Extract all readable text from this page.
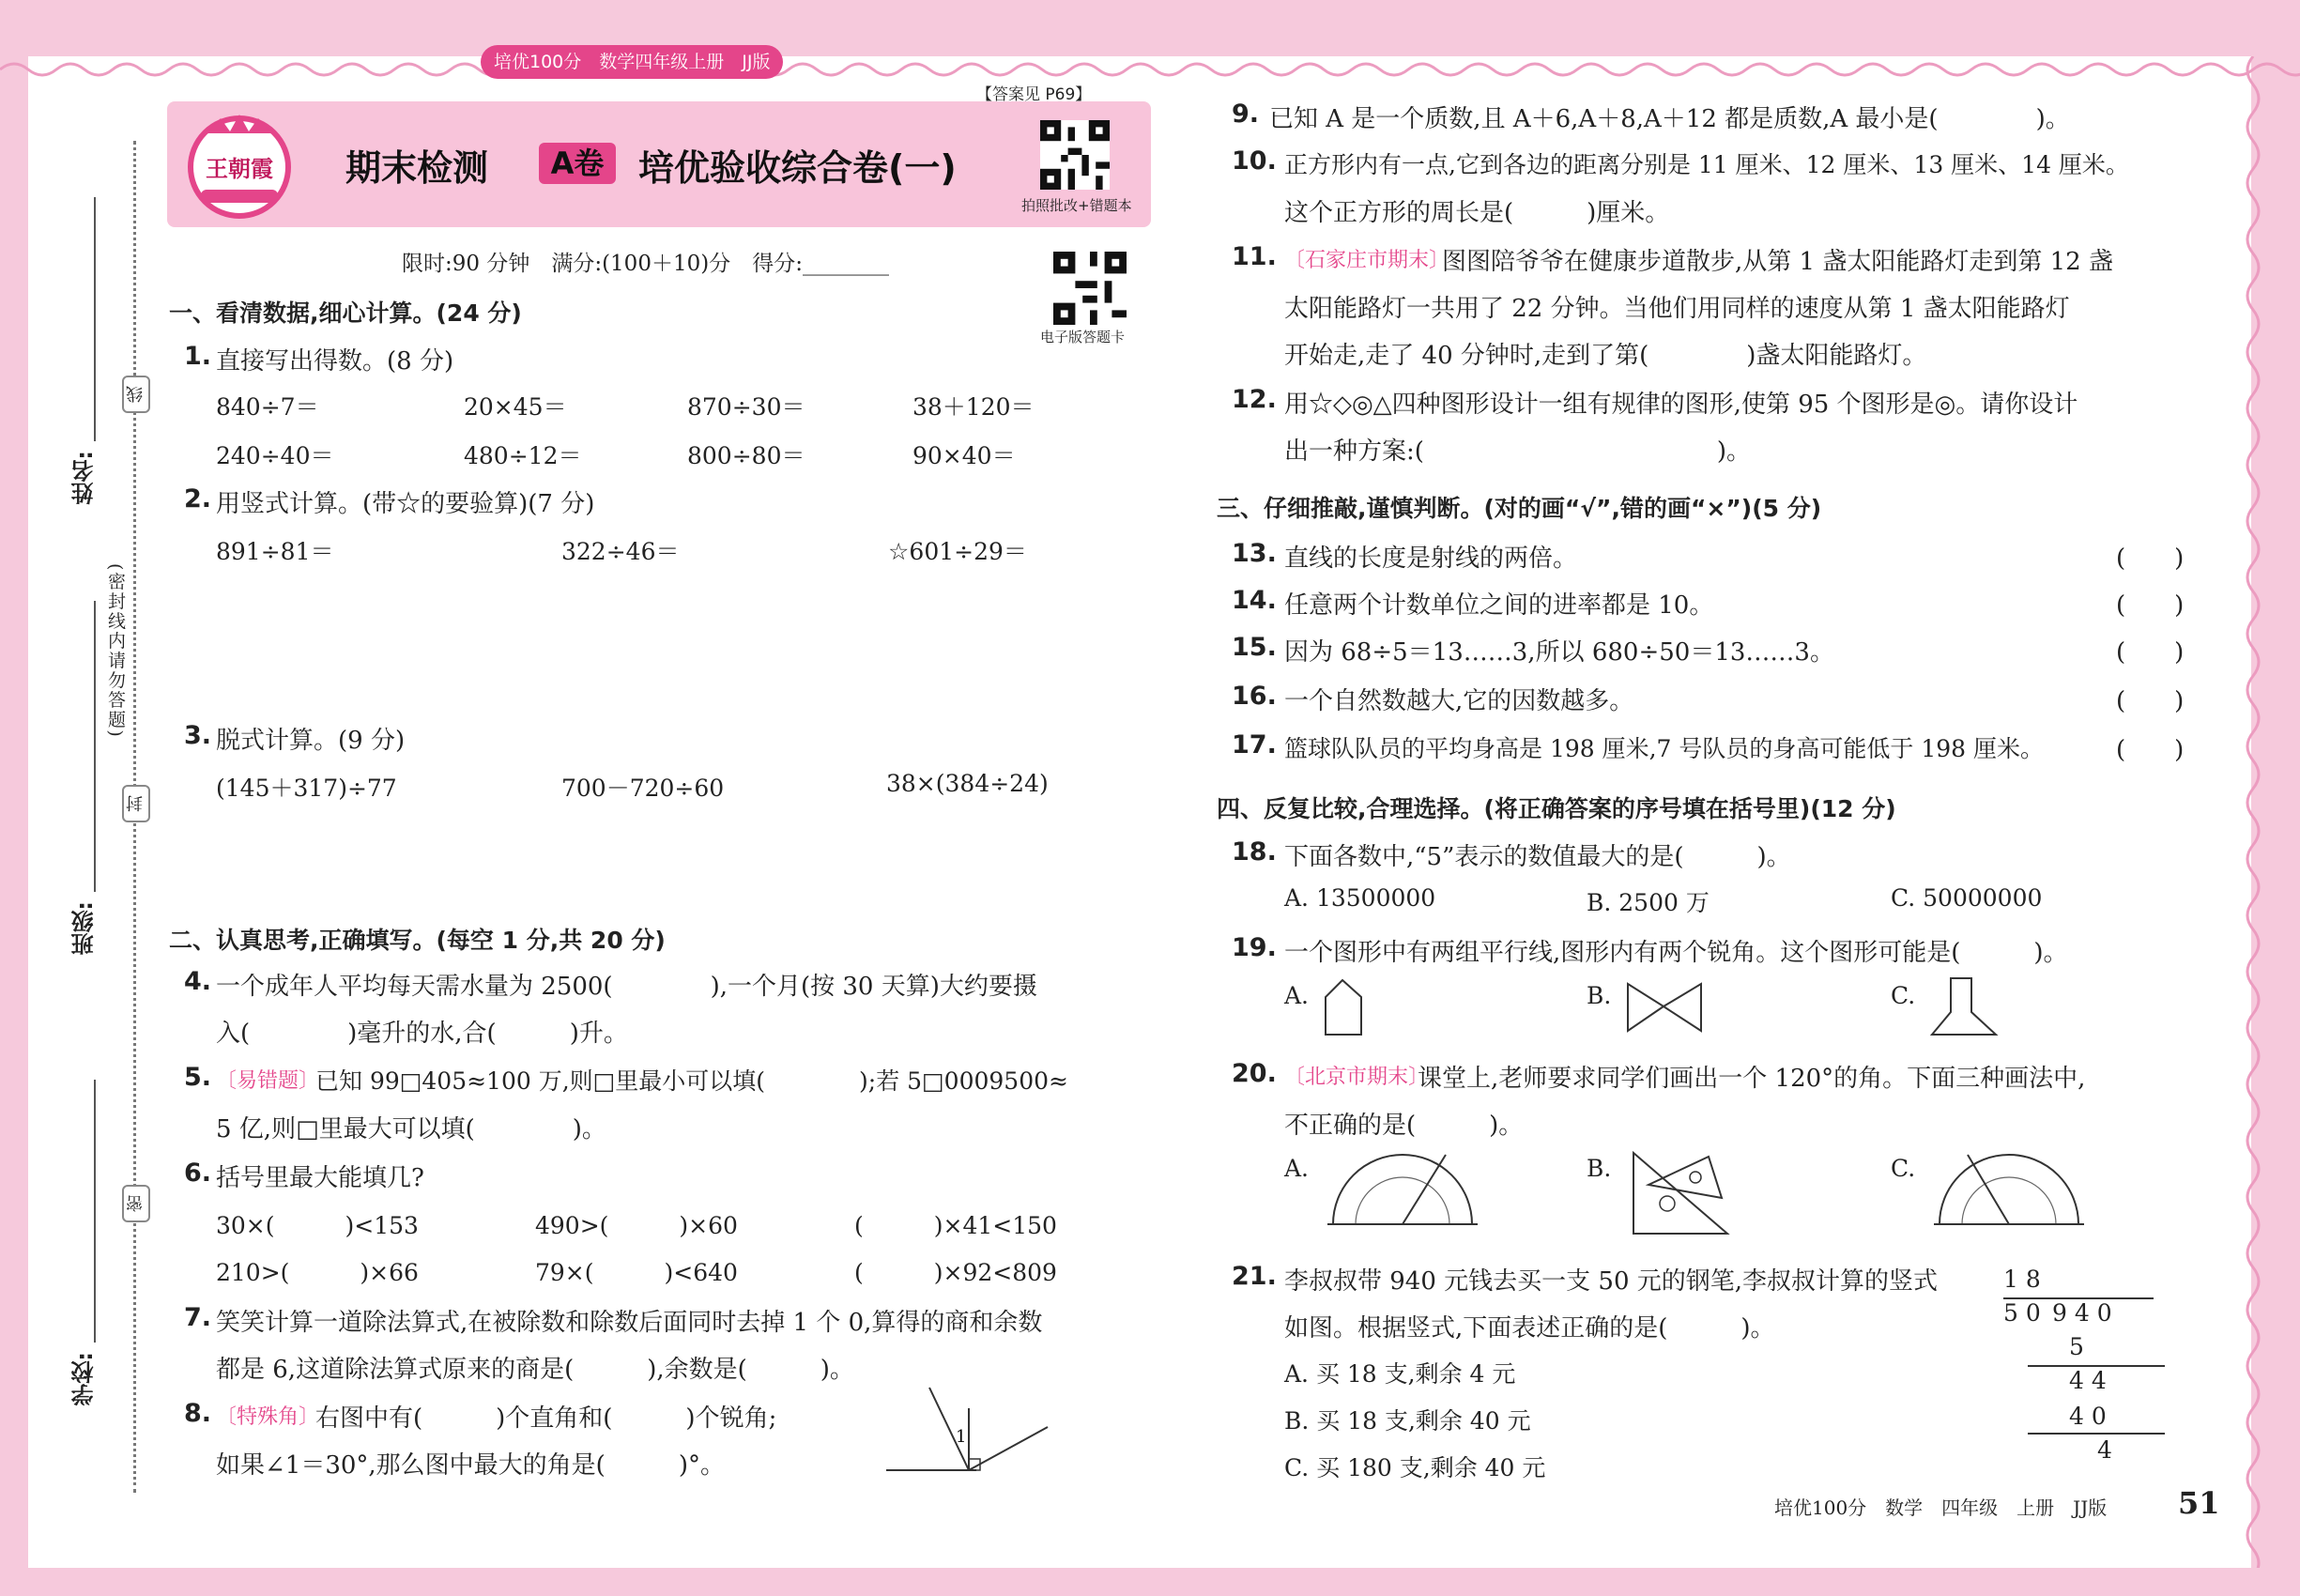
培优100分　数学四年级上册　JJ版
姓名:
班级:
学校:
线
封
密
(密封线内请勿答题)
王朝霞 期末检测	A卷 培优验收综合卷(一)
【答案见 P69】
拍照批改+错题本
限时:90 分钟　满分:(100＋10)分　得分:________
电子版答题卡
一、看清数据,细心计算。(24 分)
1. 直接写出得数。(8 分)
840÷7＝	20×45＝	870÷30＝	38＋120＝
240÷40＝	480÷12＝	800÷80＝	90×40＝
2. 用竖式计算。(带☆的要验算)(7 分)
891÷81＝	322÷46＝	☆601÷29＝
3. 脱式计算。(9 分)
(145＋317)÷77	700－720÷60	38×(384÷24)
二、认真思考,正确填写。(每空 1 分,共 20 分)
4. 一个成年人平均每天需水量为 2500(　　　　),一个月(按 30 天算)大约要摄
入(　　　　)毫升的水,合(　　　)升。
5. 〔易错题〕
已知 99□405≈100 万,则□里最小可以填(　　　　);若 5□0009500≈
5 亿,则□里最大可以填(　　　　)。
6. 括号里最大能填几?
30×(　　　)<153	490>(　　　)×60	(　　　)×41<150
210>(　　　)×66	79×(　　　)<640	(　　　)×92<809
7. 笑笑计算一道除法算式,在被除数和除数后面同时去掉 1 个 0,算得的商和余数
都是 6,这道除法算式原来的商是(　　　),余数是(　　　)。
8. 〔特殊角〕
右图中有(　　　)个直角和(　　　)个锐角;
如果∠1＝30°,那么图中最大的角是(　　　)°。
1
9. 已知 A 是一个质数,且 A＋6,A＋8,A＋12 都是质数,A 最小是(　　　　)。
10. 正方形内有一点,它到各边的距离分别是 11 厘米、12 厘米、13 厘米、14 厘米。
这个正方形的周长是(　　　)厘米。
11. 〔石家庄市期末〕
图图陪爷爷在健康步道散步,从第 1 盏太阳能路灯走到第 12 盏
太阳能路灯一共用了 22 分钟。当他们用同样的速度从第 1 盏太阳能路灯
开始走,走了 40 分钟时,走到了第(　　　　)盏太阳能路灯。
12. 用☆◇◎△四种图形设计一组有规律的图形,使第 95 个图形是◎。请你设计
出一种方案:(　　　　　　　　　　　　)。
三、仔细推敲,谨慎判断。(对的画“√”,错的画“×”)(5 分)
13. 直线的长度是射线的两倍。	(　　)
14. 任意两个计数单位之间的进率都是 10。	(　　)
15. 因为 68÷5＝13……3,所以 680÷50＝13……3。	(　　)
16. 一个自然数越大,它的因数越多。	(　　)
17. 篮球队队员的平均身高是 198 厘米,7 号队员的身高可能低于 198 厘米。	(　　)
四、反复比较,合理选择。(将正确答案的序号填在括号里)(12 分)
18. 下面各数中,“5”表示的数值最大的是(　　　)。
A. 13500000	B. 2500 万	C. 50000000
19. 一个图形中有两组平行线,图形内有两个锐角。这个图形可能是(　　　)。
A.	B.	C.
20. 〔北京市期末〕
课堂上,老师要求同学们画出一个 120°的角。下面三种画法中,
不正确的是(　　　)。
A.	B.	C.
21. 李叔叔带 940 元钱去买一支 50 元的钢笔,李叔叔计算的竖式
如图。根据竖式,下面表述正确的是(　　　)。
A. 买 18 支,剩余 4 元
B. 买 18 支,剩余 40 元
C. 买 180 支,剩余 40 元
1 8
5 0 9 4 0
5
4 4
4 0
4
培优100分　数学　四年级　上册　JJ版 51
